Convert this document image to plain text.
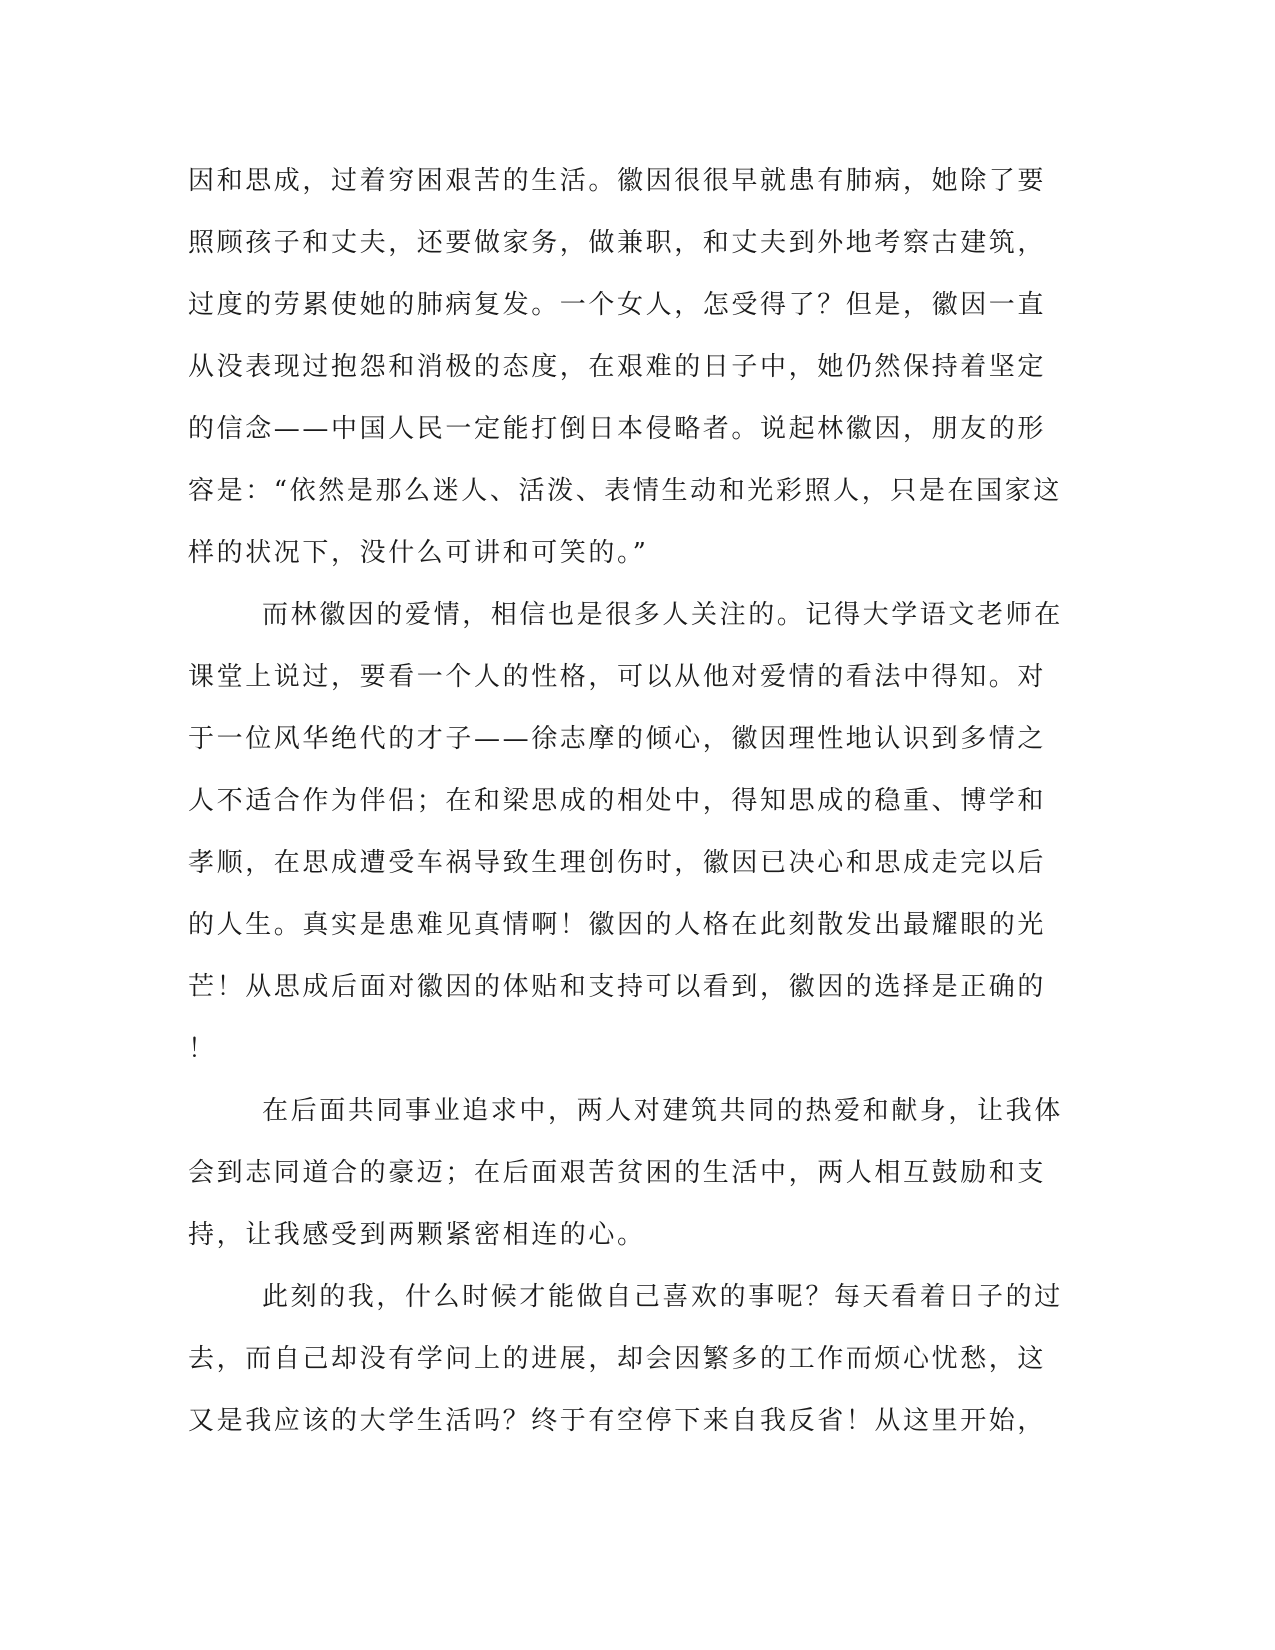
因和思成，过着穷困艰苦的生活。徽因很很早就患有肺病，她除了要
照顾孩子和丈夫，还要做家务，做兼职，和丈夫到外地考察古建筑，
过度的劳累使她的肺病复发。一个女人，怎受得了？但是，徽因一直
从没表现过抱怨和消极的态度，在艰难的日子中，她仍然保持着坚定
的信念——中国人民一定能打倒日本侵略者。说起林徽因，朋友的形
容是：“依然是那么迷人、活泼、表情生动和光彩照人，只是在国家这
样的状况下，没什么可讲和可笑的。”
而林徽因的爱情，相信也是很多人关注的。记得大学语文老师在
课堂上说过，要看一个人的性格，可以从他对爱情的看法中得知。对
于一位风华绝代的才子——徐志摩的倾心，徽因理性地认识到多情之
人不适合作为伴侣；在和梁思成的相处中，得知思成的稳重、博学和
孝顺，在思成遭受车祸导致生理创伤时，徽因已决心和思成走完以后
的人生。真实是患难见真情啊！徽因的人格在此刻散发出最耀眼的光
芒！从思成后面对徽因的体贴和支持可以看到，徽因的选择是正确的
！
在后面共同事业追求中，两人对建筑共同的热爱和献身，让我体
会到志同道合的豪迈；在后面艰苦贫困的生活中，两人相互鼓励和支
持，让我感受到两颗紧密相连的心。
此刻的我，什么时候才能做自己喜欢的事呢？每天看着日子的过
去，而自己却没有学问上的进展，却会因繁多的工作而烦心忧愁，这
又是我应该的大学生活吗？终于有空停下来自我反省！从这里开始，
